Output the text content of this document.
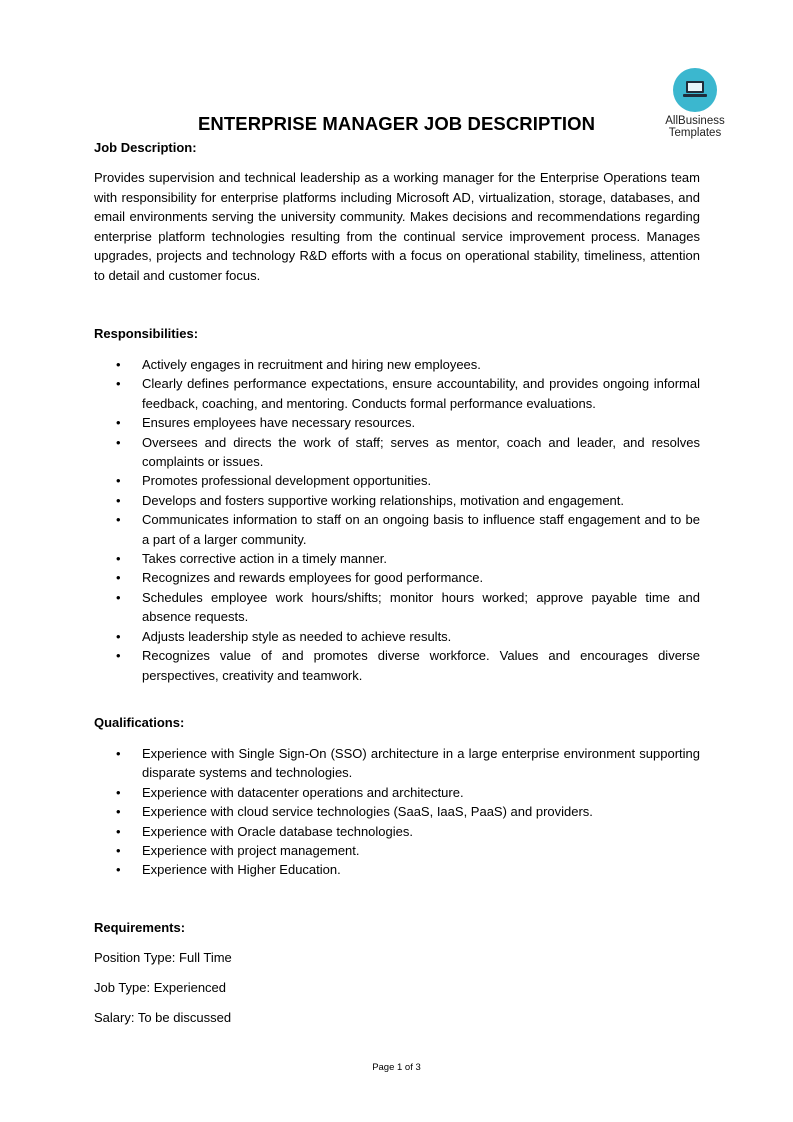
AllBusiness
Templates
ENTERPRISE MANAGER JOB DESCRIPTION
Job Description:
Provides supervision and technical leadership as a working manager for the Enterprise Operations team with responsibility for enterprise platforms including Microsoft AD, virtualization, storage, databases, and email environments serving the university community. Makes decisions and recommendations regarding enterprise platform technologies resulting from the continual service improvement process. Manages upgrades, projects and technology R&D efforts with a focus on operational stability, timeliness, attention to detail and customer focus.
Responsibilities:
• Actively engages in recruitment and hiring new employees.
• Clearly defines performance expectations, ensure accountability, and provides ongoing informal feedback, coaching, and mentoring. Conducts formal performance evaluations.
• Ensures employees have necessary resources.
• Oversees and directs the work of staff; serves as mentor, coach and leader, and resolves complaints or issues.
• Promotes professional development opportunities.
• Develops and fosters supportive working relationships, motivation and engagement.
• Communicates information to staff on an ongoing basis to influence staff engagement and to be a part of a larger community.
• Takes corrective action in a timely manner.
• Recognizes and rewards employees for good performance.
• Schedules employee work hours/shifts; monitor hours worked; approve payable time and absence requests.
• Adjusts leadership style as needed to achieve results.
• Recognizes value of and promotes diverse workforce. Values and encourages diverse perspectives, creativity and teamwork.
Qualifications:
• Experience with Single Sign-On (SSO) architecture in a large enterprise environment supporting disparate systems and technologies.
• Experience with datacenter operations and architecture.
• Experience with cloud service technologies (SaaS, IaaS, PaaS) and providers.
• Experience with Oracle database technologies.
• Experience with project management.
• Experience with Higher Education.
Requirements:
Position Type: Full Time
Job Type: Experienced
Salary: To be discussed
Page 1 of 3
